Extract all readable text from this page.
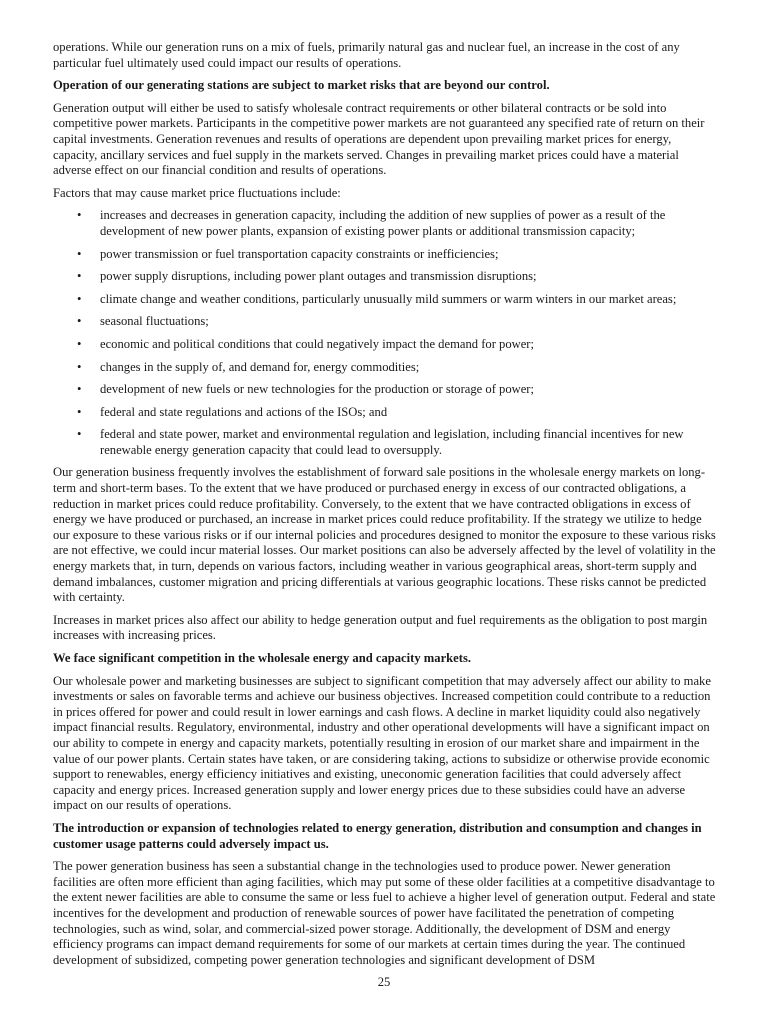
operations. While our generation runs on a mix of fuels, primarily natural gas and nuclear fuel, an increase in the cost of any particular fuel ultimately used could impact our results of operations.

Operation of our generating stations are subject to market risks that are beyond our control.

Generation output will either be used to satisfy wholesale contract requirements or other bilateral contracts or be sold into competitive power markets. Participants in the competitive power markets are not guaranteed any specified rate of return on their capital investments. Generation revenues and results of operations are dependent upon prevailing market prices for energy, capacity, ancillary services and fuel supply in the markets served. Changes in prevailing market prices could have a material adverse effect on our financial condition and results of operations.

Factors that may cause market price fluctuations include:

• increases and decreases in generation capacity, including the addition of new supplies of power as a result of the development of new power plants, expansion of existing power plants or additional transmission capacity;
• power transmission or fuel transportation capacity constraints or inefficiencies;
• power supply disruptions, including power plant outages and transmission disruptions;
• climate change and weather conditions, particularly unusually mild summers or warm winters in our market areas;
• seasonal fluctuations;
• economic and political conditions that could negatively impact the demand for power;
• changes in the supply of, and demand for, energy commodities;
• development of new fuels or new technologies for the production or storage of power;
• federal and state regulations and actions of the ISOs; and
• federal and state power, market and environmental regulation and legislation, including financial incentives for new renewable energy generation capacity that could lead to oversupply.

Our generation business frequently involves the establishment of forward sale positions in the wholesale energy markets on long-term and short-term bases. To the extent that we have produced or purchased energy in excess of our contracted obligations, a reduction in market prices could reduce profitability. Conversely, to the extent that we have contracted obligations in excess of energy we have produced or purchased, an increase in market prices could reduce profitability. If the strategy we utilize to hedge our exposure to these various risks or if our internal policies and procedures designed to monitor the exposure to these various risks are not effective, we could incur material losses. Our market positions can also be adversely affected by the level of volatility in the energy markets that, in turn, depends on various factors, including weather in various geographical areas, short-term supply and demand imbalances, customer migration and pricing differentials at various geographic locations. These risks cannot be predicted with certainty.

Increases in market prices also affect our ability to hedge generation output and fuel requirements as the obligation to post margin increases with increasing prices.

We face significant competition in the wholesale energy and capacity markets.

Our wholesale power and marketing businesses are subject to significant competition that may adversely affect our ability to make investments or sales on favorable terms and achieve our business objectives. Increased competition could contribute to a reduction in prices offered for power and could result in lower earnings and cash flows. A decline in market liquidity could also negatively impact financial results. Regulatory, environmental, industry and other operational developments will have a significant impact on our ability to compete in energy and capacity markets, potentially resulting in erosion of our market share and impairment in the value of our power plants. Certain states have taken, or are considering taking, actions to subsidize or otherwise provide economic support to renewables, energy efficiency initiatives and existing, uneconomic generation facilities that could adversely affect capacity and energy prices. Increased generation supply and lower energy prices due to these subsidies could have an adverse impact on our results of operations.

The introduction or expansion of technologies related to energy generation, distribution and consumption and changes in customer usage patterns could adversely impact us.

The power generation business has seen a substantial change in the technologies used to produce power. Newer generation facilities are often more efficient than aging facilities, which may put some of these older facilities at a competitive disadvantage to the extent newer facilities are able to consume the same or less fuel to achieve a higher level of generation output. Federal and state incentives for the development and production of renewable sources of power have facilitated the penetration of competing technologies, such as wind, solar, and commercial-sized power storage. Additionally, the development of DSM and energy efficiency programs can impact demand requirements for some of our markets at certain times during the year. The continued development of subsidized, competing power generation technologies and significant development of DSM

25
